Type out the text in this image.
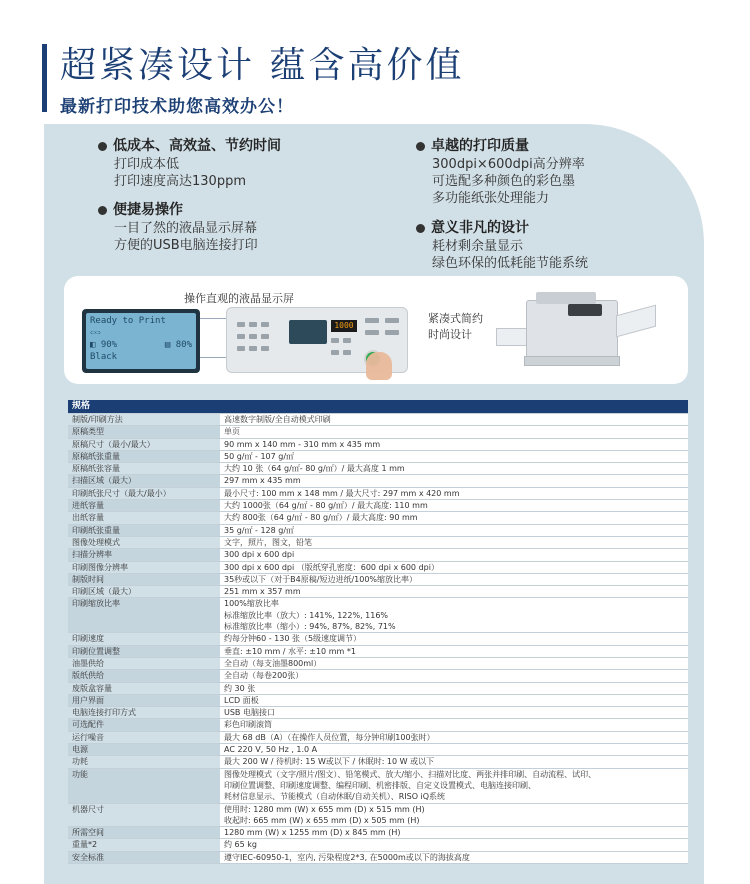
超紧凑设计 蕴含高价值
最新打印技术助您高效办公！
低成本、高效益、节约时间
打印成本低
打印速度高达130ppm
便捷易操作
一目了然的液晶显示屏幕
方便的USB电脑连接打印
卓越的打印质量
300dpi×600dpi高分辨率
可选配多种颜色的彩色墨
多功能纸张处理能力
意义非凡的设计
耗材剩余量显示
绿色环保的低耗能节能系统
操作直观的液晶显示屏
Ready to Print
⇦⇨
◧ 90%	▤ 80%
Black
1000
紧凑式简约
时尚设计
规格	
制版/印刷方法	高速数字制版/全自动模式印刷

原稿类型	单页

原稿尺寸（最小/最大）	90 mm x 140 mm - 310 mm x 435 mm

原稿纸张重量	50 g/㎡ - 107 g/㎡

原稿纸张容量	大约 10 张（64 g/㎡- 80 g/㎡）/ 最大高度 1 mm

扫描区域（最大）	297 mm x 435 mm

印刷纸张尺寸（最大/最小）	最小尺寸: 100 mm x 148 mm / 最大尺寸: 297 mm x 420 mm

进纸容量	大约 1000张（64 g/㎡ - 80 g/㎡）/ 最大高度: 110 mm

出纸容量	大约 800张（64 g/㎡ - 80 g/㎡）/ 最大高度: 90 mm

印刷纸张重量	35 g/㎡ - 128 g/㎡

图像处理模式	文字，照片，图文，铅笔

扫描分辨率	300 dpi x 600 dpi

印刷图像分辨率	300 dpi x 600 dpi （版纸穿孔密度：600 dpi x 600 dpi）

制版时间	35秒或以下（对于B4原稿/短边进纸/100%缩放比率）

印刷区域（最大）	251 mm x 357 mm

印刷缩放比率	100%缩放比率
标准缩放比率（放大）: 141%, 122%, 116%
标准缩放比率（缩小）: 94%, 87%, 82%, 71%

印刷速度	约每分钟60 - 130 张（5级速度调节）

印刷位置调整	垂直: ±10 mm / 水平: ±10 mm *1

油墨供给	全自动（每支油墨800ml）

版纸供给	全自动（每卷200张）

废版盒容量	约 30 张

用户界面	LCD 面板

电脑连接打印方式	USB 电脑接口

可选配件	彩色印刷滚筒

运行噪音	最大 68 dB（A）（在操作人员位置，每分钟印刷100张时）

电源	AC 220 V, 50 Hz , 1.0 A

功耗	最大 200 W / 待机时: 15 W或以下 / 休眠时: 10 W 或以下

功能	图像处理模式（文字/照片/图文）、铅笔模式、放大/缩小、扫描对比度、两张并排印刷、自动流程、试印、
印刷位置调整、印刷速度调整、编程印刷、机密排版、自定义设置模式、电脑连接印刷、
耗材信息显示、节能模式（自动休眠/自动关机）、RISO iQ系统

机器尺寸	使用时: 1280 mm (W) x 655 mm (D) x 515 mm (H)
收起时: 665 mm (W) x 655 mm (D) x 505 mm (H)

所需空间	1280 mm (W) x 1255 mm (D) x 845 mm (H)

重量*2	约 65 kg

安全标准	遵守IEC-60950-1，室内, 污染程度2*3, 在5000m或以下的海拔高度
